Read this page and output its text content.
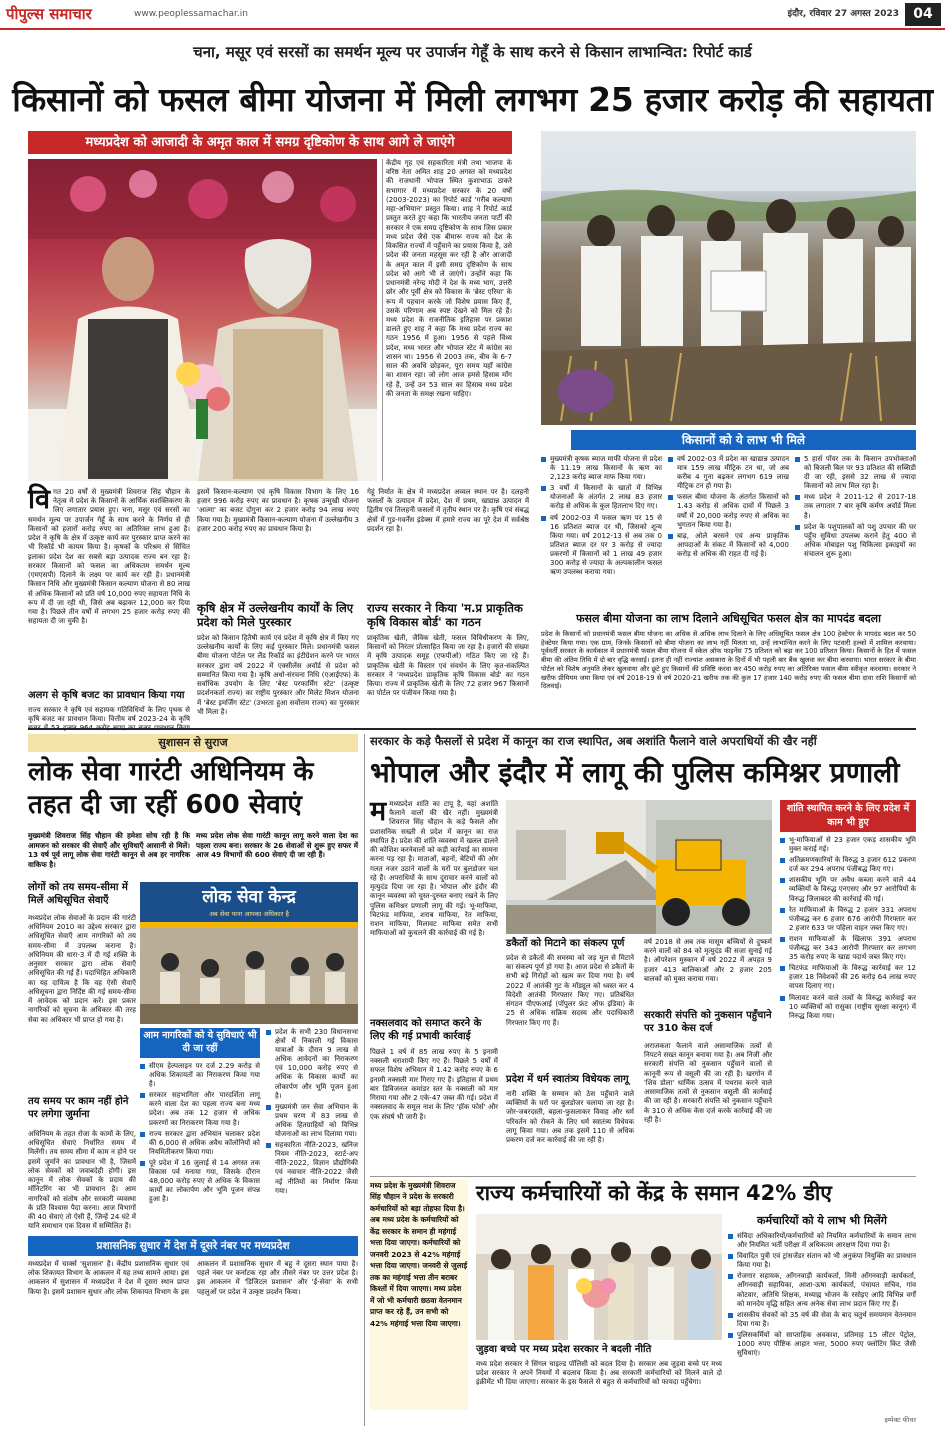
पीपुल्स समाचार	www.peoplessamachar.in	इंदौर, रविवार 27 अगस्त 2023	04
चना, मसूर एवं सरसों का समर्थन मूल्य पर उपार्जन गेहूँ के साथ करने से किसान लाभान्वित: रिपोर्ट कार्ड
किसानों को फसल बीमा योजना में मिली लगभग 25 हजार करोड़ की सहायता
मध्यप्रदेश को आजादी के अमृत काल में समग्र दृष्टिकोण के साथ आगे ले जाएंगे
केंद्रीय गृह एवं सहकारिता मंत्री तथा भाजपा के वरिष्ठ नेता अमित शाह 20 अगस्त को मध्यप्रदेश की राजधानी भोपाल स्थित कुशाभाऊ ठाकरे सभागार में मध्यप्रदेश सरकार के 20 वर्षों (2003-2023) का रिपोर्ट कार्ड 'गरीब कल्याण महा-अभियान' प्रस्तुत किया। शाह ने रिपोर्ट कार्ड प्रस्तुत करते हुए कहा कि भारतीय जनता पार्टी की सरकार ने एक समग्र दृष्टिकोण के साथ जिस प्रकार मध्य प्रदेश जैसे एक बीमारू राज्य को देश के विकसित राज्यों में पहुँचाने का प्रयास किया है, उसे प्रदेश की जनता महसूस कर रही है और आजादी के अमृत काल में इसी समग्र दृष्टिकोण के साथ प्रदेश को आगे भी ले जाएंगे। उन्होंने कहा कि प्रधानमंत्री नरेन्द्र मोदी ने देश के मध्य भाग, उत्तरी छोर और पूर्वी क्षेत्र को विकास के 'ब्रेस्ट एरिया' के रूप में पहचान करके जो विशेष प्रयास किए हैं, उसके परिणाम अब स्पष्ट देखने को मिल रहे हैं। मध्य प्रदेश के राजनीतिक इतिहास पर प्रकाश डालते हुए शाह ने कहा कि मध्य प्रदेश राज्य का गठन 1956 में हुआ। 1956 से पहले विंध्य प्रदेश, मध्य भारत और भोपाल स्टेट में कांग्रेस का शासन था। 1956 से 2003 तक, बीच के 6-7 साल की अवधि छोड़कर, पूरा समय यहाँ कांग्रेस का शासन रहा। जो लोग आज हमसे हिसाब माँग रहे हैं, उन्हें उन 53 साल का हिसाब मध्य प्रदेश की जनता के समक्ष रखना चाहिए।
किसानों को ये लाभ भी मिले
मुख्यमंत्री कृषक ब्याज माफी योजना से प्रदेश के 11.19 लाख किसानों के ऋण का 2,123 करोड़ ब्याज माफ किया गया।
3 वर्षों में किसानों के खातों में विभिन्न योजनाओं के अंतर्गत 2 लाख 83 हजार करोड़ से अधिक के कुल हितलाभ दिए गए।
वर्ष 2002-03 में फसल ऋण पर 15 से 16 प्रतिशत ब्याज दर थी, जिसको शून्य किया गया। वर्ष 2012-13 से अब तक 0 प्रतिशत ब्याज दर पर 3 करोड़ से ज्यादा प्रकरणों में किसानों को 1 लाख 49 हजार 300 करोड़ से ज्यादा के अल्पकालीन फसल ऋण उपलब्ध कराया गया।
वर्ष 2002-03 में प्रदेश का खाद्यान्न उत्पादन मात्र 159 लाख मीट्रिक टन था, जो अब करीब 4 गुना बढ़कर लगभग 619 लाख मीट्रिक टन हो गया है।
फसल बीमा योजना के अंतर्गत किसानों को 1.43 करोड़ से अधिक दावों में पिछले 3 वर्षों में 20,000 करोड़ रुपए से अधिक का भुगतान किया गया है।
बाढ़, ओले बरसने एवं अन्य प्राकृतिक आपदाओं के संकट में किसानों को 4,000 करोड़ से अधिक की राहत दी गई है।
5 हार्स पॉवर तक के किसान उपभोक्ताओं को बिजली बिल पर 93 प्रतिशत की सब्सिडी दी जा रही, इससे 32 लाख से ज्यादा किसानों को लाभ मिल रहा है।
मध्य प्रदेश ने 2011-12 से 2017-18 तक लगातार 7 बार कृषि कर्मण अवॉर्ड मिला है।
प्रदेश के पशुपालकों को पशु उपचार की घर पहुँच सुविधा उपलब्ध कराने हेतु 400 से अधिक मोबाइल पशु चिकित्सा इकाइयों का संचालन शुरू हुआ।
विगत 20 वर्षों से मुख्यमंत्री शिवराज सिंह चौहान के नेतृत्व में प्रदेश के किसानों के आर्थिक सशक्तिकरण के लिए लगातार प्रयास हुए। चना, मसूर एवं सरसों का समर्थन मूल्य पर उपार्जन गेहूँ के साथ करने के निर्णय से ही किसानों को हजारों करोड़ रुपए का अतिरिक्त लाभ हुआ है। प्रदेश ने कृषि के क्षेत्र में उत्कृष्ट कार्य कर पुरस्कार प्राप्त करने का भी रिकॉर्ड भी कायम किया है। कृषकों के परिश्रम से सिंचित इलाका प्रदेश देश का सबसे बड़ा उत्पादक राज्य बन रहा है। सरकार किसानों को फसल का अधिकतम समर्थन मूल्य (एमएसपी) दिलाने के लक्ष्य पर कार्य कर रही है। प्रधानमंत्री किसान निधि और मुख्यमंत्री किसान कल्याण योजना से 80 लाख से अधिक किसानों को प्रति वर्ष 10,000 रुपए सहायता निधि के रूप में दी जा रही थी, जिसे अब बढ़ाकर 12,000 कर दिया गया है। पिछले तीन वर्षों में लगभग 25 हजार करोड़ रुपए की सहायता दी जा चुकी है।
अलग से कृषि बजट का प्रावधान किया गया
राज्य सरकार ने कृषि एवं सहायक गतिविधियों के लिए पृथक से कृषि बजट का प्रावधान किया। वित्तीय वर्ष 2023-24 के कृषि
इसमें किसान-कल्याण एवं कृषि विकास विभाग के लिए 16 हजार 996 करोड़ रुपए का प्रावधान है। कृषक उन्मुखी योजना 'आत्मा' का बजट दोगुना कर 2 हजार करोड़ 94 लाख रुपए किया गया है। मुख्यमंत्री किसान-कल्याण योजना में उल्लेखनीय 3 हजार 200 करोड़ रुपए का प्रावधान किया है।
कृषि क्षेत्र में उल्लेखनीय कार्यों के लिए प्रदेश को मिले पुरस्कार
प्रदेश को किसान हितैषी कार्य एवं प्रदेश में कृषि क्षेत्र में किए गए उल्लेखनीय कार्यों के लिए कई पुरस्कार मिले। प्रधानमंत्री फसल बीमा योजना पोर्टल पर लैंड रिकॉर्ड का इंटीग्रेशन करने पर भारत सरकार द्वारा वर्ष 2022 में एक्सीलेंस अवॉर्ड से प्रदेश को सम्मानित किया गया है। कृषि अधो-संरचना निधि (एआईएफ) के सर्वाधिक उपयोग के लिए 'बेस्ट परफार्मिंग स्टेट' (उत्कृष्ट प्रदर्शनकर्ता राज्य) का राष्ट्रीय पुरस्कार और मिलेट मिशन योजना में 'बेस्ट इमर्जिंग स्टेट' (उभरता हुआ सर्वोत्तम राज्य) का पुरस्कार भी मिला है।
गेहूं निर्यात के क्षेत्र में मध्यप्रदेश अव्वल स्थान पर है। दलहनी फसलों के उत्पादन में प्रदेश, देश में प्रथम, खाद्यान्न उत्पादन में द्वितीय एवं तिलहनी फसलों में तृतीय स्थान पर है। कृषि एवं संबद्ध क्षेत्रों में गुड-गवर्नेंस इंडेक्स में हमारे राज्य का पूरे देश में सर्वश्रेष्ठ प्रदर्शन रहा है।
राज्य सरकार ने किया 'म.प्र प्राकृतिक कृषि विकास बोर्ड' का गठन
प्राकृतिक खेती, जैविक खेती, फसल विविधीकरण के लिए, किसानों को निरंतर प्रोत्साहित किया जा रहा है। हजारों की संख्या में कृषि उत्पादक समूह (एफपीओ) गठित किए जा रहे हैं। प्राकृतिक खेती के विस्तार एवं संवर्धन के लिए कृत-संकल्पित सरकार ने 'मध्यप्रदेश प्राकृतिक कृषि विकास बोर्ड' का गठन किया। राज्य में प्राकृतिक खेती के लिए 72 हजार 967 किसानों का पोर्टल पर पंजीयन किया गया है।
फसल बीमा योजना का लाभ दिलाने अधिसूचित फसल क्षेत्र का मापदंड बदला
प्रदेश के किसानों को प्रधानमंत्री फसल बीमा योजना का अधिक से अधिक लाभ दिलाने के लिए अधिसूचित फसल क्षेत्र 100 हेक्टेयर के मापदंड बदल कर 50 हेक्टेयर किया गया। एक ग्राम, जिनके किसानों को बीमा योजना का लाभ नहीं मिलता था, उन्हें लाभान्वित करने के लिए पटवारी हल्को में शामिल करवाया। पूर्ववर्ती सरकार के कार्यकाल में प्रधानमंत्री फसल बीमा योजना में स्केल ऑफ फाइनेंस 75 प्रतिशत को बढ़ा कर 100 प्रतिशत किया। किसानों के हित में फसल बीमा की अंतिम तिथि में दो बार वृद्धि करवाई। इतना ही नहीं राज्यांश असकारा के दिनों में भी पहली बार बैंक खुलवा कर बीमा करवाया। भारत सरकार के बीमा पोर्टल को विशेष अनुमति लेकर खुलवाया और छूटे हुए किसानों की प्रविष्टि करवा कर 450 करोड़ रुपए का अतिरिक्त फसल बीमा स्वीकृत करवाया। सरकार ने खरीफ प्रीमियम जमा किया एवं वर्ष 2018-19 से वर्ष 2020-21 खरीफ तक की कुल 17 हजार 140 करोड़ रुपए की फसल बीमा दावा राशि किसानों को दिलवाई।
सुशासन से सुराज
लोक सेवा गारंटी अधिनियम के तहत दी जा रहीं 600 सेवाएं
मुख्यमंत्री शिवराज सिंह चौहान की हमेशा सोच रही है कि आमजन को सरकार की सेवाएँ और सुविधाएँ आसानी से मिलें। 13 वर्ष पूर्व लागू लोक सेवा गारंटी कानून से अब हर नागरिक वाकिफ है।
मध्य प्रदेश लोक सेवा गारंटी कानून लागू करने वाला देश का पहला राज्य बना। सरकार के 26 सेवाओं से शुरू हुए सफर में आज 49 विभागों की 600 सेवाएं दी जा रही हैं।
लोगों को तय समय-सीमा में मिलें अधिसूचित सेवाएँ
मध्यप्रदेश लोक सेवाओं के प्रदान की गारंटी अधिनियम 2010 का उद्देश्य सरकार द्वारा अधिसूचित सेवाएँ आम नागरिकों को तय समय-सीमा में उपलब्ध कराना है। अधिनियम की धारा-3 में दी गई शक्ति के अनुसार सरकार द्वारा लोक सेवाएँ अधिसूचित की गई हैं। पदाभिहित अधिकारी का यह दायित्व है कि वह ऐसी सेवाएँ अधिसूचना द्वारा निर्दिष्ट की गई समय-सीमा में आवेदक को प्रदान करें। इस प्रकार नागरिकों को सूचना के अधिकार की तरह सेवा का अधिकार भी प्राप्त हो गया है।
तय समय पर काम नहीं होने पर लगेगा जुर्माना
अधिनियम के तहत रोजा के कामों के लिए, अधिसूचित सेवाएं निर्धारित समय में मिलेंगी। तय समय सीमा में काम न होने पर इसमें जुर्माने का प्रावधान भी है, जिसमें लोक सेवकों को जवाबदेही होगी। इस कानून में लोक सेवकों के प्रदाय की मॉनिटरिंग का भी प्रावधान है। आम नागरिकों को संतोष और सरकारी व्यवस्था के प्रति विश्वास पैदा करना। आज विभागों की 40 सेवाएं तो ऐसी हैं, जिन्हें 24 घंटे में यानि समाधान एक दिवस में सम्मिलित हैं।
लोक सेवा केन्द्र
अब सेवा पाना आपका अधिकार है
आम नागरिकों को ये सुविधाएं भी दी जा रहीं
सीएम हेल्पलाइन पर दर्ज 2.29 करोड़ से अधिक शिकायतों का निराकरण किया गया है।
सरकार सहभागिता और पारदर्शिता लागू करने वाला देश का पहला राज्य बना मध्य प्रदेश। अब तक 12 हजार से अधिक प्रकरणों का निराकरण किया गया है।
राज्य सरकार द्वारा अभियान चलाकर प्रदेश की 6,000 से अधिक अवैध कॉलोनियों को नियमितीकरण किया गया।
पूरे प्रदेश में 16 जुलाई से 14 अगस्त तक विकास पर्व मनाया गया, जिसके दौरान 48,000 करोड़ रुपए से अधिक के विकास कार्यों का लोकार्पण और भूमि पूजन संपन्न हुआ है।
प्रदेश के सभी 230 विधानसभा क्षेत्रों में निकाली गई विकास यात्राओं के दौरान 9 लाख से अधिक आवेदनों का निराकरण एवं 10,000 करोड़ रुपए से अधिक के विकास कार्यों का लोकार्पण और भूमि पूजन हुआ है।
मुख्यमंत्री जन सेवा अभियान के प्रथम चरण में 83 लाख से अधिक हितग्राहियों को विभिन्न योजनाओं का लाभ दिलाया गया।
सहकारिता नीति-2023, खनिज नियम नीति-2023, स्टार्ट-अप नीति-2022, विज्ञान प्रौद्योगिकी एवं नवाचार नीति-2022 जैसी नई नीतियों का निर्माण किया गया।
प्रशासनिक सुधार में देश में दूसरे नंबर पर मध्यप्रदेश
मध्यप्रदेश में चार्क्स 'सुशासन' है। केंद्रीय प्रशासनिक सुधार एवं लोक शिकायत विभाग के आकलन में यह तथ्य सामने आया। इस आकलन में सुशासन में मध्यप्रदेश ने देश में दूसरा स्थान प्राप्त किया है। इसमें प्रशासन सुधार और लोक शिकायत विभाग के इस आकलन में प्रशासनिक सुधार में बहु ने दूसरा स्थान पाया है। पहले नंबर पर कर्नाटक रहा और तीसरे नंबर पर उत्तर प्रदेश है। इस आकलन में 'डिजिटल प्रशासन' और 'ई-सेवा' के सभी पहलुओं पर प्रदेश ने उत्कृष्ट प्रदर्शन किया।
सरकार के कड़े फैसलों से प्रदेश में कानून का राज स्थापित, अब अशांति फैलाने वाले अपराधियों की खैर नहीं
भोपाल और इंदौर में लागू की पुलिस कमिश्नर प्रणाली
ममध्यप्रदेश शांति का टापू है, यहां अशांति फैलाने वालों की खैर नहीं। मुख्यमंत्री शिवराज सिंह चौहान के कड़े फैसले और प्रशासनिक सख्ती से प्रदेश में कानून का राज स्थापित है। प्रदेश की शांति व्यवस्था में खलल डालने की कोशिश करनेवालों को कड़ी कार्रवाई का सामना करना पड़ रहा है। माताओं, बहनों, बेटियों की ओर गलत नजर उठाने वालों के घरों पर बुलडोजर चल रहे हैं। अपराधियों के साथ दुराचार करने वालों को मृत्युदंड दिया जा रहा है। भोपाल और इंदौर की कानून व्यवस्था को चुस्त-दुरुस्त बनाए रखने के लिए पुलिस कमिश्नर प्रणाली लागू की गई। भू-माफिया, चिटफंड माफिया, शराब माफिया, रेत माफिया, राशन माफिया, मिलावट माफिया समेत सभी माफियाओं को कुचलने की कार्रवाई की गई है।
नक्सलवाद को समाप्त करने के लिए की गई प्रभावी कार्रवाई
पिछले 1 वर्ष में 85 लाख रुपए के 5 इनामी नक्सली धराशायी किए गए हैं। पिछले 5 वर्षों में सफल विशेष अभियान में 1.42 करोड़ रुपए के 6 इनामी नक्सली मार गिराए गए हैं। इतिहास में प्रथम बार डिविजनल कमांडर स्तर के नक्सली को मार गिराया गया और 2 एके-47 जब्त की गई। प्रदेश में नक्सलवाद के समूल नाश के लिए 'हॉक फोर्स' और एक संघर्ष भी जारी है।
डकैतों को मिटाने का संकल्प पूर्ण
प्रदेश से डकैतों की समस्या को जड़ मूल से मिटाने का संकल्प पूर्ण हो गया है। आज प्रदेश से डकैतों के सभी बड़े गिरोहों को खत्म कर दिया गया है। वर्ष 2022 में आतंकी गुट के मॉड्यूल को ध्वस्त कर 4 विदेशी आतंकी गिरफ्तार किए गए। प्रतिबंधित संगठन पीएफआई (पॉपुलर फ्रंट ऑफ इंडिया) के 25 से अधिक सक्रिय सदस्य और पदाधिकारी गिरफ्तार किए गए हैं।
प्रदेश में धर्म स्वातंत्र्य विधेयक लागू
नारी शक्ति के सम्मान को ठेस पहुँचाने वाले व्यक्तियों के घरों पर बुलडोजर चलाया जा रहा है। जोर-जबरदस्ती, बहला-फुसलाकर विवाह और धर्म परिवर्तन को रोकने के लिए धर्म स्वातंत्र्य विधेयक लागू किया गया। अब तक इसमें 110 से अधिक प्रकरण दर्ज कर कार्रवाई की जा रही है।
वर्ष 2018 से अब तक मासूम बच्चियों से दुष्कर्म करने वालों को 84 को मृत्युदंड की सजा सुनाई गई है। ऑपरेशन मुस्कान में वर्ष 2022 में अपहत 9 हजार 413 बालिकाओं और 2 हजार 205 बालकों को मुक्त कराया गया।
सरकारी संपत्ति को नुकसान पहुँचाने पर 310 केस दर्ज
अराजकता फैलाने वाले असामाजिक तत्वों से निपटने सख्त कानून बनाया गया है। अब निजी और सरकारी संपत्ति को नुकसान पहुँचाने वालों से कानूनी रूप से वसूली की जा रही है। खरगोन में 'शिव डोला' धार्मिक उत्सव में पथराव करने वाले असामाजिक तत्वों से नुकसान वसूली की कार्रवाई की जा रही है। सरकारी संपत्ति को नुकसान पहुँचाने के 310 से अधिक केस दर्ज करके कार्रवाई की जा रही है।
शांति स्थापित करने के लिए प्रदेश में काम भी हुए
भू-माफियाओं से 23 हजार एकड़ शासकीय भूमि मुक्त कराई गई।
अतिक्रमणकारियों के विरुद्ध 3 हजार 612 प्रकरण दर्ज कर 294 अपराध पंजीबद्ध किए गए।
शासकीय भूमि पर अवैध कब्जा करने वाले 44 व्यक्तियों के विरुद्ध एनएसए और 97 आरोपियों के विरुद्ध जिलाबदर की कार्रवाई की गई।
रेत माफियाओं के विरुद्ध 2 हजार 331 अपराध पंजीबद्ध कर 6 हजार 676 आरोपी गिरफ्तार कर 2 हजार 633 पर पहिला वाहन जब्त किए गए।
राशन माफियाओं के खिलाफ 391 अपराध पंजीबद्ध कर 343 आरोपी गिरफ्तार कर लगभग 35 करोड़ रुपए के खाद्य पदार्थ जब्त किए गए।
चिटफंड माफियाओं के विरुद्ध कार्रवाई कर 12 हजार 18 निवेशकों की 26 करोड़ 64 लाख रुपए वापस दिलाए गए।
मिलावट करने वाले तत्वों के विरुद्ध कार्रवाई कर 10 व्यक्तियों को रासुका (राष्ट्रीय सुरक्षा कानून) में निरुद्ध किया गया।
मध्य प्रदेश के मुख्यमंत्री शिवराज सिंह चौहान ने प्रदेश के सरकारी कर्मचारियों को बड़ा तोहफा दिया है। अब मध्य प्रदेश के कर्मचारियों को केंद्र सरकार के समान ही महंगाई भत्ता दिया जाएगा। कर्मचारियों को जनवरी 2023 से 42% महंगाई भत्ता दिया जाएगा। जनवरी से जुलाई तक का महंगाई भत्ता तीन बराबर किश्तों में दिया जाएगा। मध्य प्रदेश में जो भी कर्मचारी छठवा वेतनमान प्राप्त कर रहे हैं, उन सभी को 42% महंगाई भत्ता दिया जाएगा।
राज्य कर्मचारियों को केंद्र के समान 42% डीए
जुड़वा बच्चे पर मध्य प्रदेश सरकार ने बदली नीति
मध्य प्रदेश सरकार ने सिंगल चाइल्ड पॉलिसी को बदल दिया है। सरकार अब जुड़वा बच्चे पर मध्य प्रदेश सरकार ने अपने नियमों में बदलाव किया है। अब सरकारी कर्मचारियों को मिलने वाले दो इंक्रीमेंट भी दिया जाएगा। सरकार के इस फैसले से बहुत से कर्मचारियों को फायदा पहुँचेगा।
कर्मचारियों को ये लाभ भी मिलेंगे
संविदा अधिकारियों/कर्मचारियों को नियमित कर्मचारियों के समान लाभ और नियमित भर्ती परीक्षा में अधिकतम आरक्षण दिया गया है।
विवादित पुत्री एवं ट्रांसजेंडर संतान को भी अनुकंपा नियुक्ति का प्रावधान किया गया है।
रोजगार सहायक, आँगनवाड़ी कार्यकर्ता, मिनी आँगनवाड़ी कार्यकर्ता, आँगनवाड़ी सहायिका, आशा-ऊषा कार्यकर्ता, पंचायत सचिव, गांव कोटवार, अतिथि शिक्षक, मध्याह्न भोजन के रसोइए आदि विभिन्न वर्गों को मानदेय वृद्धि सहित अन्य अनेक सेवा लाभ प्रदान किए गए हैं।
शासकीय सेवकों को 35 वर्ष की सेवा के बाद चतुर्थ समयमान वेतनमान दिया गया है।
पुलिसकर्मियों को साप्ताहिक अवकाश, प्रतिमाह 15 लीटर पेट्रोल, 1000 रुपए पौष्टिक आहार भत्ता, 5000 रुपए फ्लोटिंग किट जैसी सुविधाएं।
इम्पेक्ट फीचर
